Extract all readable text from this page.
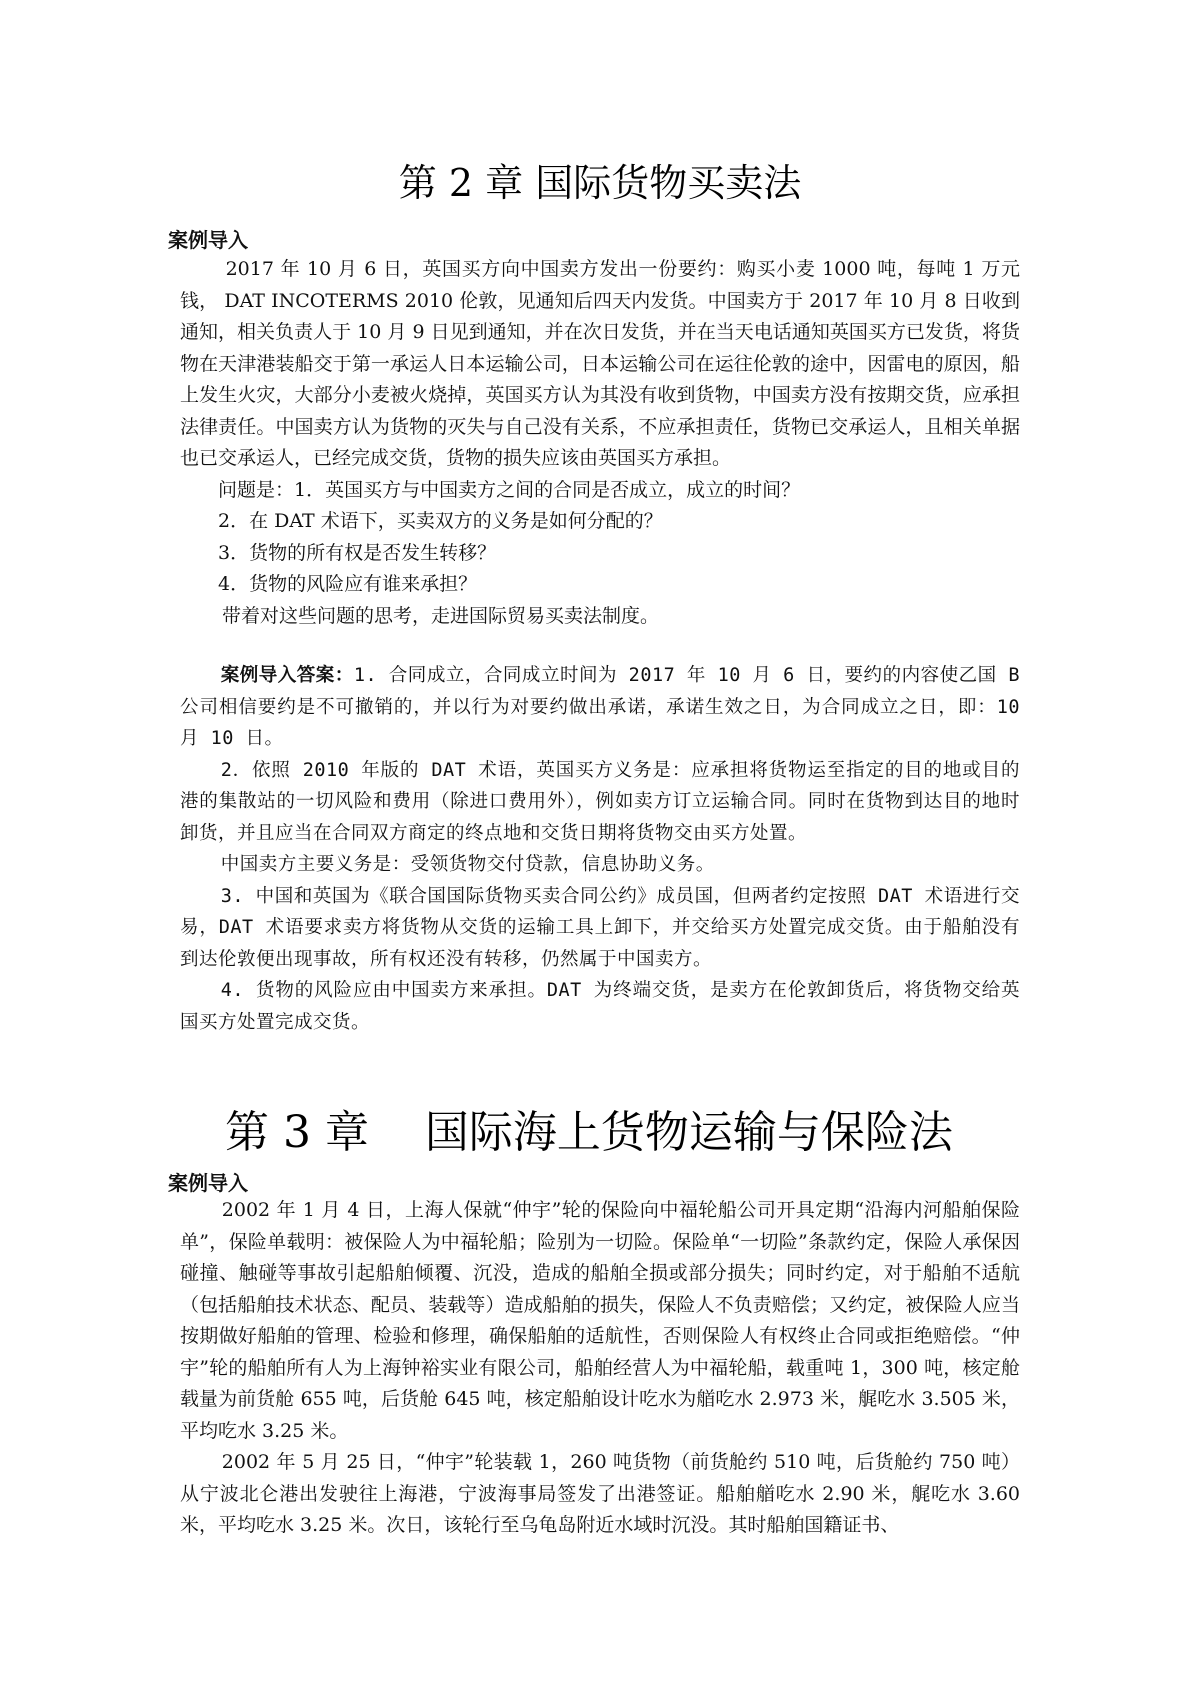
第 2 章 国际货物买卖法
案例导入

2017 年 10 月 6 日，英国买方向中国卖方发出一份要约：购买小麦 1000 吨，每吨 1 万元钱， DAT INCOTERMS 2010 伦敦，见通知后四天内发货。中国卖方于 2017 年 10 月 8 日收到通知，相关负责人于 10 月 9 日见到通知，并在次日发货，并在当天电话通知英国买方已发货，将货物在天津港装船交于第一承运人日本运输公司，日本运输公司在运往伦敦的途中，因雷电的原因，船上发生火灾，大部分小麦被火烧掉，英国买方认为其没有收到货物，中国卖方没有按期交货，应承担法律责任。中国卖方认为货物的灭失与自己没有关系，不应承担责任，货物已交承运人，且相关单据也已交承运人，已经完成交货，货物的损失应该由英国买方承担。

问题是：1．英国买方与中国卖方之间的合同是否成立，成立的时间？

2．在 DAT 术语下，买卖双方的义务是如何分配的？

3．货物的所有权是否发生转移？

4．货物的风险应有谁来承担？

带着对这些问题的思考，走进国际贸易买卖法制度。

案例导入答案：1. 合同成立，合同成立时间为 2017 年 10 月 6 日，要约的内容使乙国 B 公司相信要约是不可撤销的，并以行为对要约做出承诺，承诺生效之日，为合同成立之日，即：10 月 10 日。

2．依照 2010 年版的 DAT 术语，英国买方义务是：应承担将货物运至指定的目的地或目的港的集散站的一切风险和费用（除进口费用外），例如卖方订立运输合同。同时在货物到达目的地时卸货，并且应当在合同双方商定的终点地和交货日期将货物交由买方处置。

中国卖方主要义务是：受领货物交付贷款，信息协助义务。

3. 中国和英国为《联合国国际货物买卖合同公约》成员国，但两者约定按照 DAT 术语进行交易，DAT 术语要求卖方将货物从交货的运输工具上卸下，并交给买方处置完成交货。由于船舶没有到达伦敦便出现事故，所有权还没有转移，仍然属于中国卖方。

4. 货物的风险应由中国卖方来承担。DAT 为终端交货，是卖方在伦敦卸货后，将货物交给英国买方处置完成交货。

第 3 章    国际海上货物运输与保险法
案例导入

2002 年 1 月 4 日，上海人保就“仲宇”轮的保险向中福轮船公司开具定期“沿海内河船舶保险单”，保险单载明：被保险人为中福轮船；险别为一切险。保险单“一切险”条款约定，保险人承保因碰撞、触碰等事故引起船舶倾覆、沉没，造成的船舶全损或部分损失；同时约定，对于船舶不适航（包括船舶技术状态、配员、装载等）造成船舶的损失，保险人不负责赔偿；又约定，被保险人应当按期做好船舶的管理、检验和修理，确保船舶的适航性，否则保险人有权终止合同或拒绝赔偿。“仲宇”轮的船舶所有人为上海钟裕实业有限公司，船舶经营人为中福轮船，载重吨 1，300 吨，核定舱载量为前货舱 655 吨，后货舱 645 吨，核定船舶设计吃水为艏吃水 2.973 米，艉吃水 3.505 米，平均吃水 3.25 米。

2002 年 5 月 25 日，“仲宇”轮装载 1，260 吨货物（前货舱约 510 吨，后货舱约 750 吨）从宁波北仑港出发驶往上海港，宁波海事局签发了出港签证。船舶艏吃水 2.90 米，艉吃水 3.60 米，平均吃水 3.25 米。次日，该轮行至乌龟岛附近水域时沉没。其时船舶国籍证书、
